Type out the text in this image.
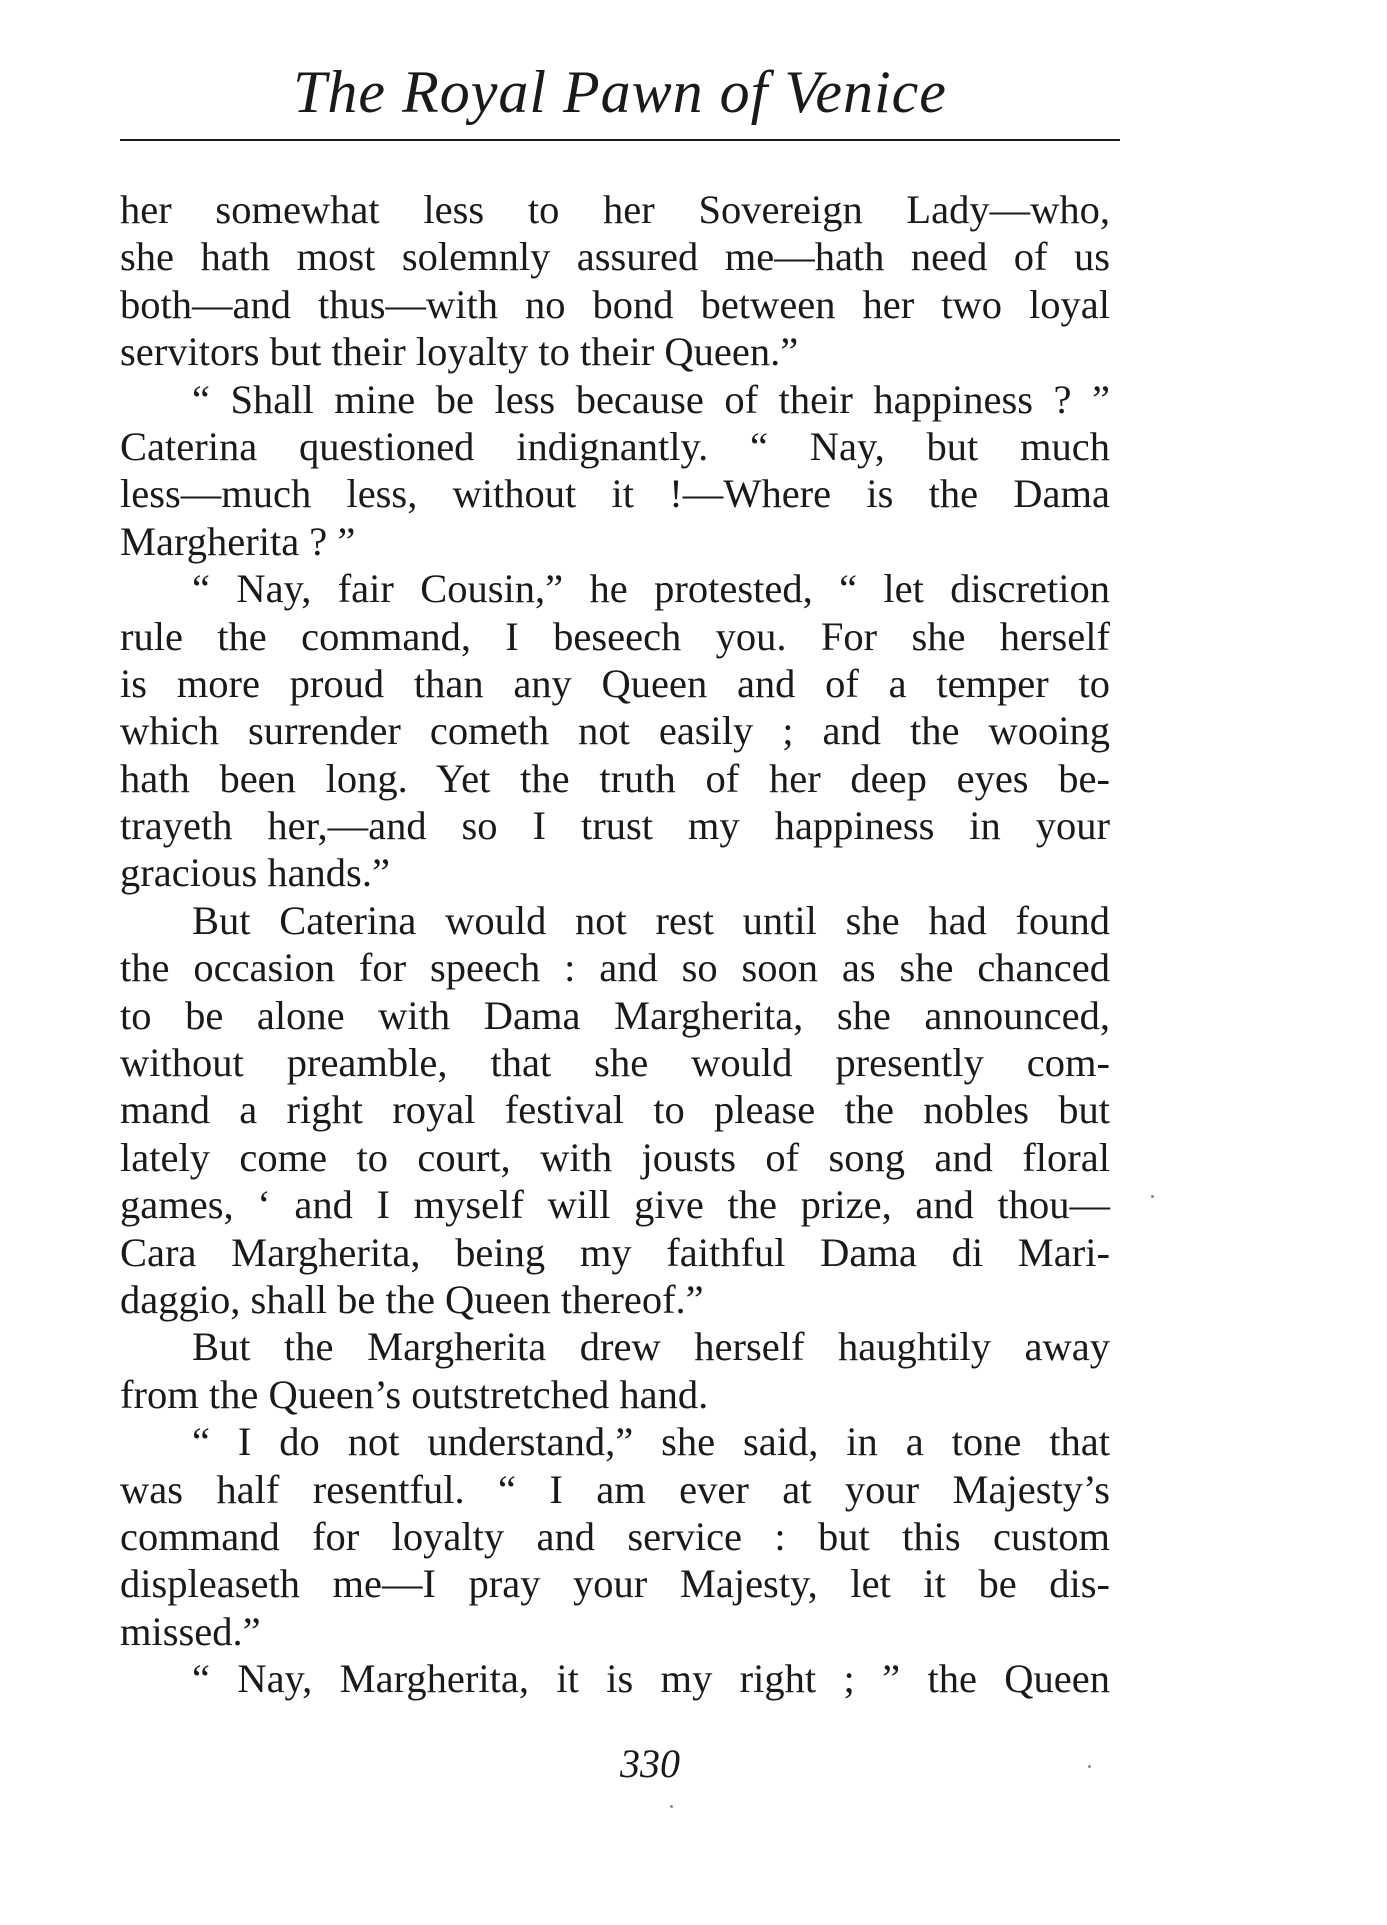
The Royal Pawn of Venice
her somewhat less to her Sovereign Lady—who,
she hath most solemnly assured me—hath need of us
both—and thus—with no bond between her two loyal
servitors but their loyalty to their Queen.”
“ Shall mine be less because of their happiness ? ”
Caterina questioned indignantly. “ Nay, but much
less—much less, without it !—Where is the Dama
Margherita ? ”
“ Nay, fair Cousin,” he protested, “ let discretion
rule the command, I beseech you. For she herself
is more proud than any Queen and of a temper to
which surrender cometh not easily ; and the wooing
hath been long. Yet the truth of her deep eyes be-
trayeth her,—and so I trust my happiness in your
gracious hands.”
But Caterina would not rest until she had found
the occasion for speech : and so soon as she chanced
to be alone with Dama Margherita, she announced,
without preamble, that she would presently com-
mand a right royal festival to please the nobles but
lately come to court, with jousts of song and floral
games, ‘ and I myself will give the prize, and thou—
Cara Margherita, being my faithful Dama di Mari-
daggio, shall be the Queen thereof.”
But the Margherita drew herself haughtily away
from the Queen’s outstretched hand.
“ I do not understand,” she said, in a tone that
was half resentful. “ I am ever at your Majesty’s
command for loyalty and service : but this custom
displeaseth me—I pray your Majesty, let it be dis-
missed.”
“ Nay, Margherita, it is my right ; ” the Queen
330
